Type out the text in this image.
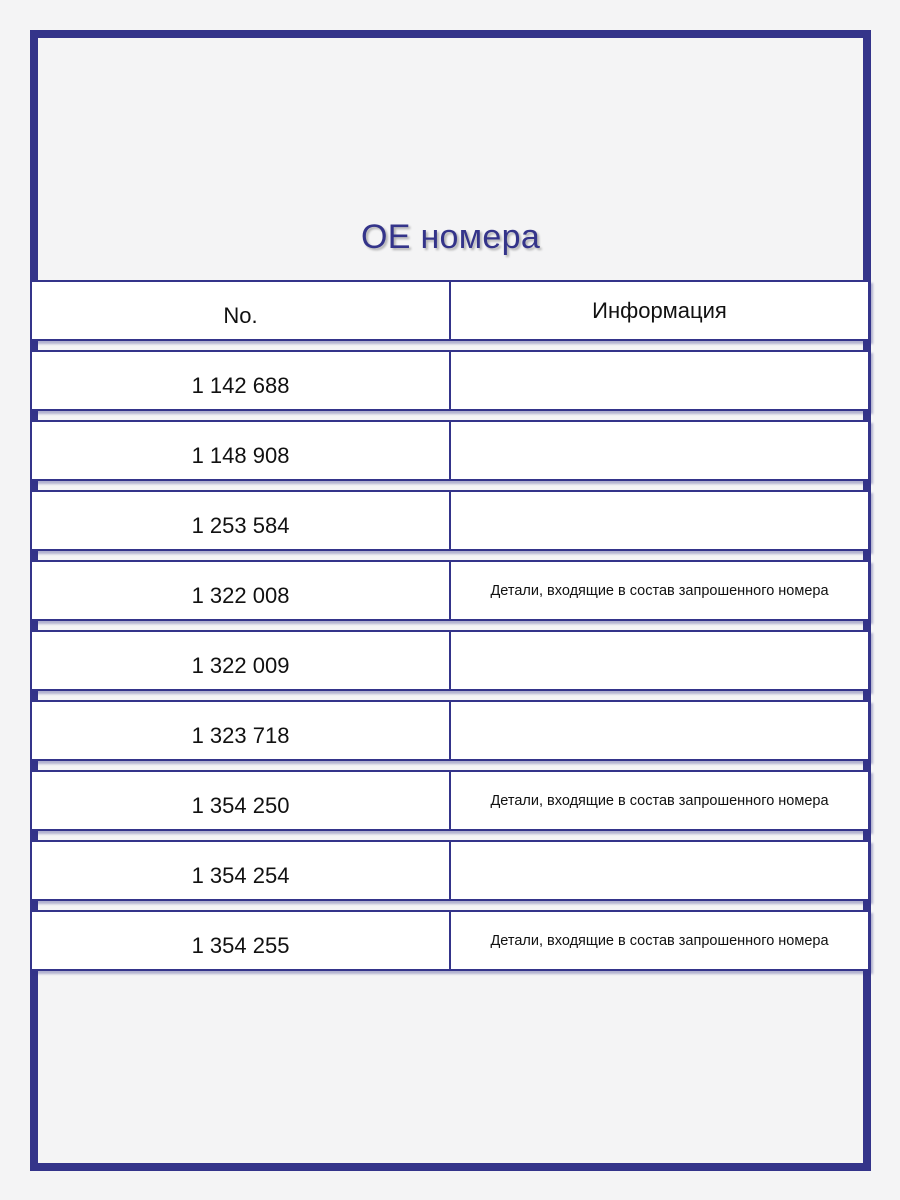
OE номера
No.	Информация
1 142 688
1 148 908
1 253 584
1 322 008	Детали, входящие в состав запрошенного номера
1 322 009
1 323 718
1 354 250	Детали, входящие в состав запрошенного номера
1 354 254
1 354 255	Детали, входящие в состав запрошенного номера
